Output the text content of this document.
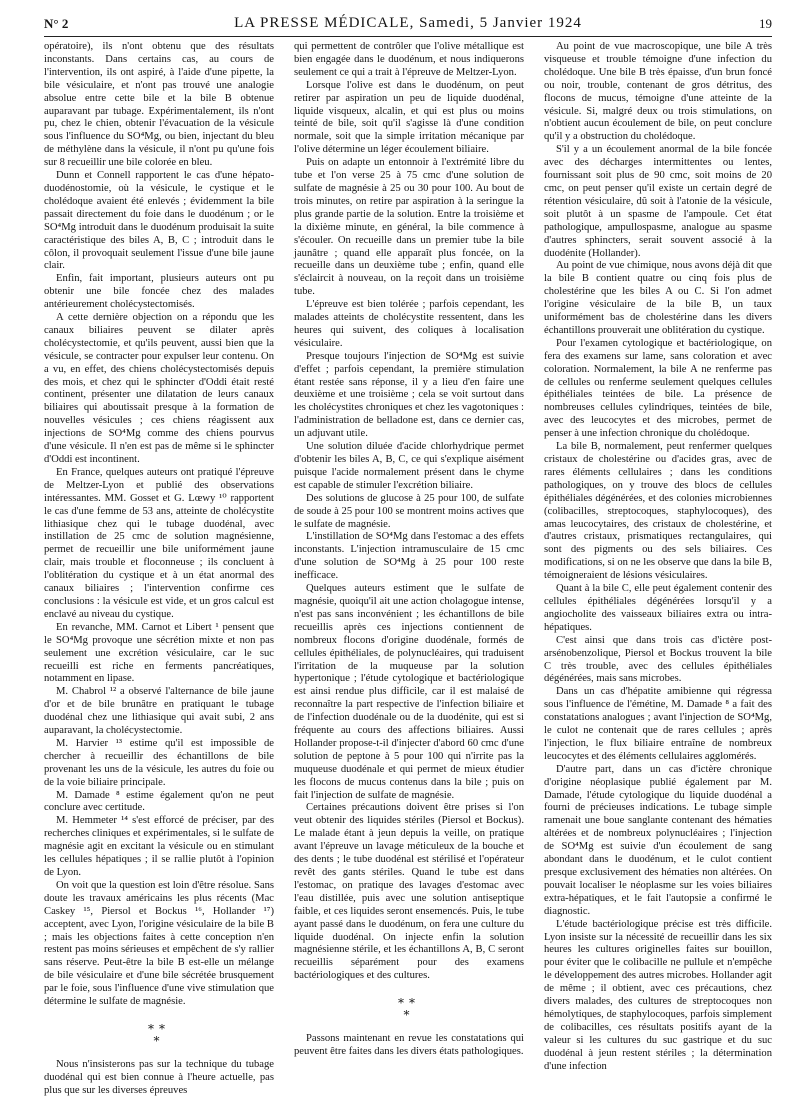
N° 2	LA PRESSE MÉDICALE, Samedi, 5 Janvier 1924	19

opératoire), ils n'ont obtenu que des résultats inconstants. Dans certains cas, au cours de l'intervention, ils ont aspiré, à l'aide d'une pipette, la bile vésiculaire, et n'ont pas trouvé une analogie absolue entre cette bile et la bile B obtenue auparavant par tubage. Expérimentalement, ils n'ont pu, chez le chien, obtenir l'évacuation de la vésicule sous l'influence du SO⁴Mg, ou bien, injectant du bleu de méthylène dans la vésicule, il n'ont pu qu'une fois sur 8 recueillir une bile colorée en bleu.

Dunn et Connell rapportent le cas d'une hépato-duodénostomie, où la vésicule, le cystique et le cholédoque avaient été enlevés ; évidemment la bile passait directement du foie dans le duodénum ; or le SO⁴Mg introduit dans le duodénum produisait la suite caractéristique des biles A, B, C ; introduit dans le côlon, il provoquait seulement l'issue d'une bile jaune clair.

Enfin, fait important, plusieurs auteurs ont pu obtenir une bile foncée chez des malades antérieurement cholécystectomisés.

A cette dernière objection on a répondu que les canaux biliaires peuvent se dilater après cholécystectomie, et qu'ils peuvent, aussi bien que la vésicule, se contracter pour expulser leur contenu. On a vu, en effet, des chiens cholécystectomisés depuis des mois, et chez qui le sphincter d'Oddi était resté continent, présenter une dilatation de leurs canaux biliaires qui aboutissait presque à la formation de nouvelles vésicules ; ces chiens réagissent aux injections de SO⁴Mg comme des chiens pourvus d'une vésicule. Il n'en est pas de même si le sphincter d'Oddi est incontinent.

En France, quelques auteurs ont pratiqué l'épreuve de Meltzer-Lyon et publié des observations intéressantes. MM. Gosset et G. Lœwy ¹⁰ rapportent le cas d'une femme de 53 ans, atteinte de cholécystite lithiasique chez qui le tubage duodénal, avec instillation de 25 cmc de solution magnésienne, permet de recueillir une bile uniformément jaune clair, mais trouble et floconneuse ; ils concluent à l'oblitération du cystique et à un état anormal des canaux biliaires ; l'intervention confirme ces conclusions : la vésicule est vide, et un gros calcul est enclavé au niveau du cystique.

En revanche, MM. Carnot et Libert ¹ pensent que le SO⁴Mg provoque une sécrétion mixte et non pas seulement une excrétion vésiculaire, car le suc recueilli est riche en ferments pancréatiques, notamment en lipase.

M. Chabrol ¹² a observé l'alternance de bile jaune d'or et de bile brunâtre en pratiquant le tubage duodénal chez une lithiasique qui avait subi, 2 ans auparavant, la cholécystectomie.

M. Harvier ¹³ estime qu'il est impossible de chercher à recueillir des échantillons de bile provenant les uns de la vésicule, les autres du foie ou de la voie biliaire principale.

M. Damade ⁸ estime également qu'on ne peut conclure avec certitude.

M. Hemmeter ¹⁴ s'est efforcé de préciser, par des recherches cliniques et expérimentales, si le sulfate de magnésie agit en excitant la vésicule ou en stimulant les cellules hépatiques ; il se rallie plutôt à l'opinion de Lyon.

On voit que la question est loin d'être résolue. Sans doute les travaux américains les plus récents (Mac Caskey ¹⁵, Piersol et Bockus ¹⁶, Hollander ¹⁷) acceptent, avec Lyon, l'origine vésiculaire de la bile B ; mais les objections faites à cette conception n'en restent pas moins sérieuses et empêchent de s'y rallier sans réserve. Peut-être la bile B est-elle un mélange de bile vésiculaire et d'une bile sécrétée brusquement par le foie, sous l'influence d'une vive stimulation que détermine le sulfate de magnésie.

⁎⁎
⁎

Nous n'insisterons pas sur la technique du tubage duodénal qui est bien connue à l'heure actuelle, pas plus que sur les diverses épreuves

qui permettent de contrôler que l'olive métallique est bien engagée dans le duodénum, et nous indiquerons seulement ce qui a trait à l'épreuve de Meltzer-Lyon.

Lorsque l'olive est dans le duodénum, on peut retirer par aspiration un peu de liquide duodénal, liquide visqueux, alcalin, et qui est plus ou moins teinté de bile, soit qu'il s'agisse là d'une condition normale, soit que la simple irritation mécanique par l'olive détermine un léger écoulement biliaire.

Puis on adapte un entonnoir à l'extrémité libre du tube et l'on verse 25 à 75 cmc d'une solution de sulfate de magnésie à 25 ou 30 pour 100. Au bout de trois minutes, on retire par aspiration à la seringue la plus grande partie de la solution. Entre la troisième et la dixième minute, en général, la bile commence à s'écouler. On recueille dans un premier tube la bile jaunâtre ; quand elle apparaît plus foncée, on la recueille dans un deuxième tube ; enfin, quand elle s'éclaircit à nouveau, on la reçoit dans un troisième tube.

L'épreuve est bien tolérée ; parfois cependant, les malades atteints de cholécystite ressentent, dans les heures qui suivent, des coliques à localisation vésiculaire.

Presque toujours l'injection de SO⁴Mg est suivie d'effet ; parfois cependant, la première stimulation étant restée sans réponse, il y a lieu d'en faire une deuxième et une troisième ; cela se voit surtout dans les cholécystites chroniques et chez les vagotoniques : l'administration de belladone est, dans ce dernier cas, un adjuvant utile.

Une solution diluée d'acide chlorhydrique permet d'obtenir les biles A, B, C, ce qui s'explique aisément puisque l'acide normalement présent dans le chyme est capable de stimuler l'excrétion biliaire.

Des solutions de glucose à 25 pour 100, de sulfate de soude à 25 pour 100 se montrent moins actives que le sulfate de magnésie.

L'instillation de SO⁴Mg dans l'estomac a des effets inconstants. L'injection intramusculaire de 15 cmc d'une solution de SO⁴Mg à 25 pour 100 reste inefficace.

Quelques auteurs estiment que le sulfate de magnésie, quoiqu'il ait une action cholagogue intense, n'est pas sans inconvénient ; les échantillons de bile recueillis après ces injections contiennent de nombreux flocons d'origine duodénale, formés de cellules épithéliales, de polynucléaires, qui traduisent l'irritation de la muqueuse par la solution hypertonique ; l'étude cytologique et bactériologique est ainsi rendue plus difficile, car il est malaisé de reconnaître la part respective de l'infection biliaire et de l'infection duodénale ou de la duodénite, qui est si fréquente au cours des affections biliaires. Aussi Hollander propose-t-il d'injecter d'abord 60 cmc d'une solution de peptone à 5 pour 100 qui n'irrite pas la muqueuse duodénale et qui permet de mieux étudier les flocons de mucus contenus dans la bile ; puis on fait l'injection de sulfate de magnésie.

Certaines précautions doivent être prises si l'on veut obtenir des liquides stériles (Piersol et Bockus). Le malade étant à jeun depuis la veille, on pratique avant l'épreuve un lavage méticuleux de la bouche et des dents ; le tube duodénal est stérilisé et l'opérateur revêt des gants stériles. Quand le tube est dans l'estomac, on pratique des lavages d'estomac avec l'eau distillée, puis avec une solution antiseptique faible, et ces liquides seront ensemencés. Puis, le tube ayant passé dans le duodénum, on fera une culture du liquide duodénal. On injecte enfin la solution magnésienne stérile, et les échantillons A, B, C seront recueillis séparément pour des examens bactériologiques et des cultures.

⁎⁎
⁎

Passons maintenant en revue les constatations qui peuvent être faites dans les divers états pathologiques.

Au point de vue macroscopique, une bile A très visqueuse et trouble témoigne d'une infection du cholédoque. Une bile B très épaisse, d'un brun foncé ou noir, trouble, contenant de gros détritus, des flocons de mucus, témoigne d'une atteinte de la vésicule. Si, malgré deux ou trois stimulations, on n'obtient aucun écoulement de bile, on peut conclure qu'il y a obstruction du cholédoque.

S'il y a un écoulement anormal de la bile foncée avec des décharges intermittentes ou lentes, fournissant soit plus de 90 cmc, soit moins de 20 cmc, on peut penser qu'il existe un certain degré de rétention vésiculaire, dû soit à l'atonie de la vésicule, soit plutôt à un spasme de l'ampoule. Cet état pathologique, ampullospasme, analogue au spasme d'autres sphincters, serait souvent associé à la duodénite (Hollander).

Au point de vue chimique, nous avons déjà dit que la bile B contient quatre ou cinq fois plus de cholestérine que les biles A ou C. Si l'on admet l'origine vésiculaire de la bile B, un taux uniformément bas de cholestérine dans les divers échantillons prouverait une oblitération du cystique.

Pour l'examen cytologique et bactériologique, on fera des examens sur lame, sans coloration et avec coloration. Normalement, la bile A ne renferme pas de cellules ou renferme seulement quelques cellules épithéliales teintées de bile. La présence de nombreuses cellules cylindriques, teintées de bile, avec des leucocytes et des microbes, permet de penser à une infection chronique du cholédoque.

La bile B, normalement, peut renfermer quelques cristaux de cholestérine ou d'acides gras, avec de rares éléments cellulaires ; dans les conditions pathologiques, on y trouve des blocs de cellules épithéliales dégénérées, et des colonies microbiennes (colibacilles, streptocoques, staphylocoques), des amas leucocytaires, des cristaux de cholestérine, et d'autres cristaux, prismatiques rectangulaires, qui sont des pigments ou des sels biliaires. Ces modifications, si on ne les observe que dans la bile B, témoigneraient de lésions vésiculaires.

Quant à la bile C, elle peut également contenir des cellules épithéliales dégénérées lorsqu'il y a angiocholite des vaisseaux biliaires extra ou intra-hépatiques.

C'est ainsi que dans trois cas d'ictère post-arsénobenzolique, Piersol et Bockus trouvent la bile C très trouble, avec des cellules épithéliales dégénérées, mais sans microbes.

Dans un cas d'hépatite amibienne qui régressa sous l'influence de l'émétine, M. Damade ⁸ a fait des constatations analogues ; avant l'injection de SO⁴Mg, le culot ne contenait que de rares cellules ; après l'injection, le flux biliaire entraîne de nombreux leucocytes et des éléments cellulaires agglomérés.

D'autre part, dans un cas d'ictère chronique d'origine néoplasique publié également par M. Damade, l'étude cytologique du liquide duodénal a fourni de précieuses indications. Le tubage simple ramenait une boue sanglante contenant des hématies altérées et de nombreux polynucléaires ; l'injection de SO⁴Mg est suivie d'un écoulement de sang abondant dans le duodénum, et le culot contient presque exclusivement des hématies non altérées. On pouvait localiser le néoplasme sur les voies biliaires extra-hépatiques, et le fait l'autopsie a confirmé le diagnostic.

L'étude bactériologique précise est très difficile. Lyon insiste sur la nécessité de recueillir dans les six heures les cultures originelles faites sur bouillon, pour éviter que le colibacille ne pullule et n'empêche le développement des autres microbes. Hollander agit de même ; il obtient, avec ces précautions, chez divers malades, des cultures de streptocoques non hémolytiques, de staphylocoques, parfois simplement de colibacilles, ces résultats positifs ayant de la valeur si les cultures du suc gastrique et du suc duodénal à jeun restent stériles ; la détermination d'une infection
